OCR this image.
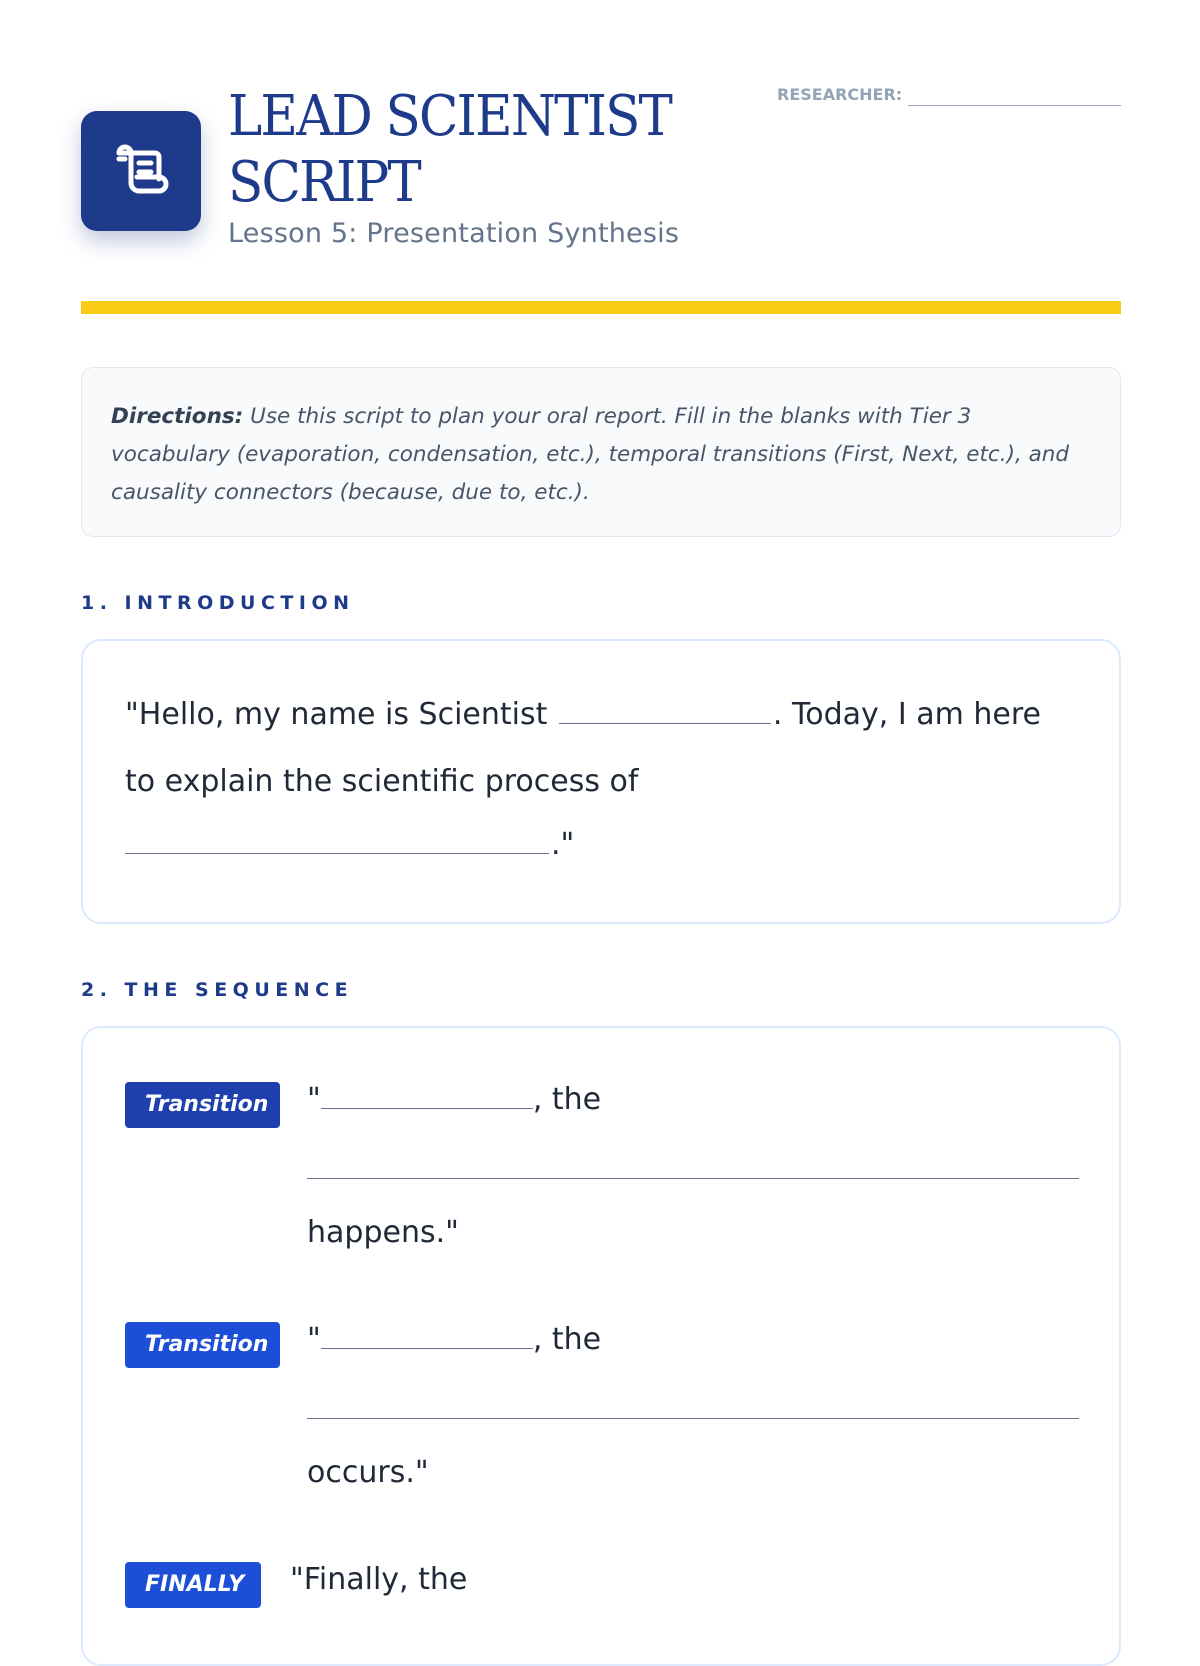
LEAD SCIENTIST
SCRIPT
Lesson 5: Presentation Synthesis
RESEARCHER:
Directions: Use this script to plan your oral report. Fill in the blanks with Tier 3 vocabulary (evaporation, condensation, etc.), temporal transitions (First, Next, etc.), and causality connectors (because, due to, etc.).
1. INTRODUCTION
"Hello, my name is Scientist	. Today, I am here
to explain the scientific process of
."
2. THE SEQUENCE
Transition	"	, the
happens."
Transition	"	, the
occurs."
FINALLY	"Finally, the
